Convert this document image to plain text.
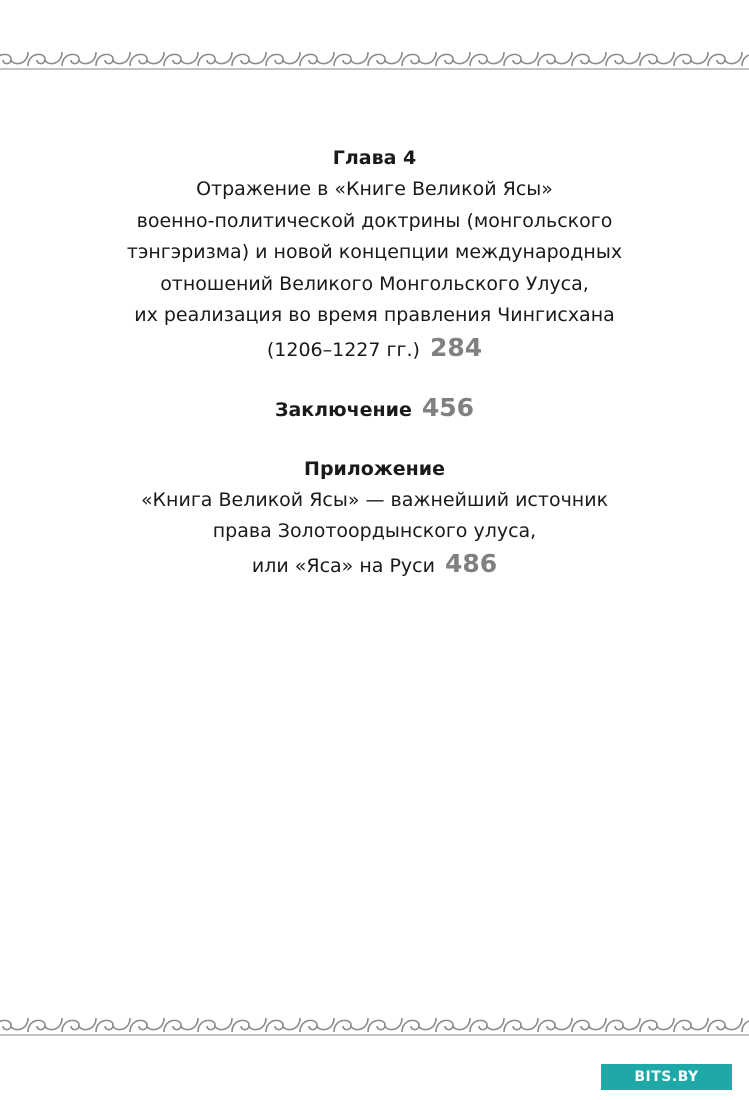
Глава 4
Отражение в «Книге Великой Ясы»
военно-политической доктрины (монгольского
тэнгэризма) и новой концепции международных
отношений Великого Монгольского Улуса,
их реализация во время правления Чингисхана
(1206–1227 гг.) 284
Заключение 456
Приложение
«Книга Великой Ясы» — важнейший источник
права Золотоордынского улуса,
или «Яса» на Руси 486
BITS.BY
